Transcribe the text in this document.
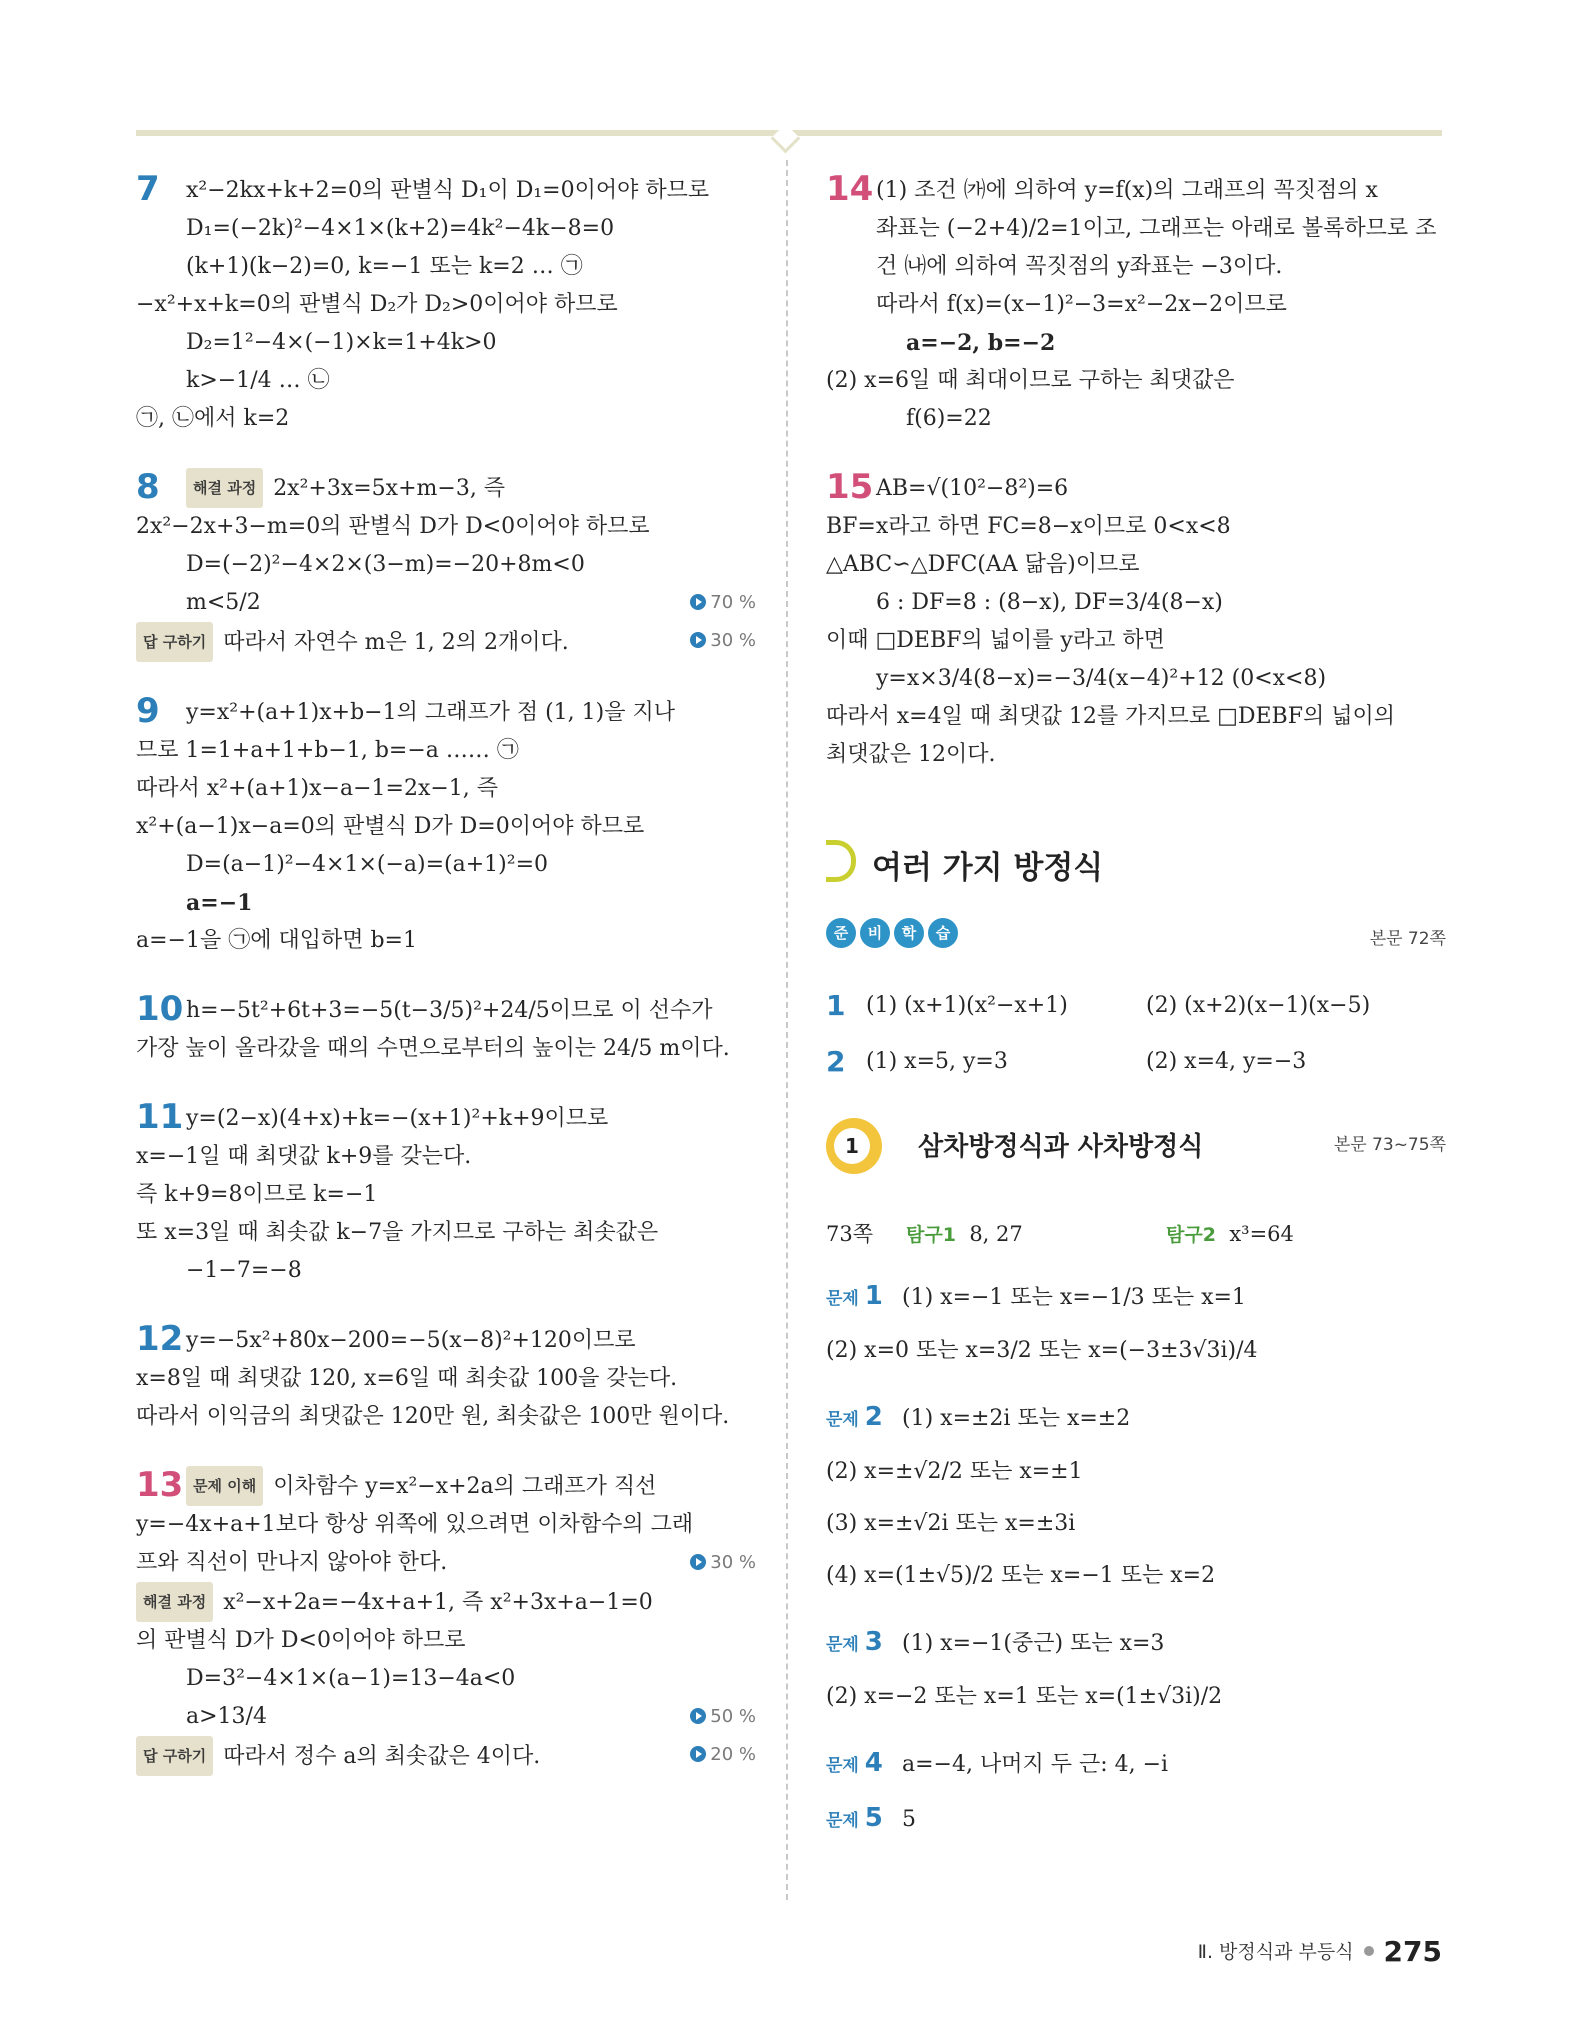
7 x²−2kx+k+2=0의 판별식 D₁이 D₁=0이어야 하므로
D₁=(−2k)²−4×1×(k+2)=4k²−4k−8=0
(k+1)(k−2)=0, k=−1 또는 k=2 … ㉠
−x²+x+k=0의 판별식 D₂가 D₂>0이어야 하므로
D₂=1²−4×(−1)×k=1+4k>0
k>−1/4 … ㉡
㉠, ㉡에서 k=2
8 해결 과정 2x²+3x=5x+m−3, 즉
2x²−2x+3−m=0의 판별식 D가 D<0이어야 하므로
D=(−2)²−4×2×(3−m)=−20+8m<0
m<5/2	70 %
답 구하기 따라서 자연수 m은 1, 2의 2개이다.	30 %
9 y=x²+(a+1)x+b−1의 그래프가 점 (1, 1)을 지나
므로 1=1+a+1+b−1, b=−a …… ㉠
따라서 x²+(a+1)x−a−1=2x−1, 즉
x²+(a−1)x−a=0의 판별식 D가 D=0이어야 하므로
D=(a−1)²−4×1×(−a)=(a+1)²=0
a=−1
a=−1을 ㉠에 대입하면 b=1
10 h=−5t²+6t+3=−5(t−3/5)²+24/5이므로 이 선수가
가장 높이 올라갔을 때의 수면으로부터의 높이는 24/5 m이다.
11 y=(2−x)(4+x)+k=−(x+1)²+k+9이므로
x=−1일 때 최댓값 k+9를 갖는다.
즉 k+9=8이므로 k=−1
또 x=3일 때 최솟값 k−7을 가지므로 구하는 최솟값은
−1−7=−8
12 y=−5x²+80x−200=−5(x−8)²+120이므로
x=8일 때 최댓값 120, x=6일 때 최솟값 100을 갖는다.
따라서 이익금의 최댓값은 120만 원, 최솟값은 100만 원이다.
13 문제 이해 이차함수 y=x²−x+2a의 그래프가 직선
y=−4x+a+1보다 항상 위쪽에 있으려면 이차함수의 그래
프와 직선이 만나지 않아야 한다.	30 %
해결 과정 x²−x+2a=−4x+a+1, 즉 x²+3x+a−1=0
의 판별식 D가 D<0이어야 하므로
D=3²−4×1×(a−1)=13−4a<0
a>13/4	50 %
답 구하기 따라서 정수 a의 최솟값은 4이다.	20 %
14 (1) 조건 ㈎에 의하여 y=f(x)의 그래프의 꼭짓점의 x
좌표는 (−2+4)/2=1이고, 그래프는 아래로 볼록하므로 조
건 ㈏에 의하여 꼭짓점의 y좌표는 −3이다.
따라서 f(x)=(x−1)²−3=x²−2x−2이므로
a=−2, b=−2
(2) x=6일 때 최대이므로 구하는 최댓값은
f(6)=22
15 AB=√(10²−8²)=6
BF=x라고 하면 FC=8−x이므로 0<x<8
△ABC∽△DFC(AA 닮음)이므로
6 : DF=8 : (8−x), DF=3/4(8−x)
이때 □DEBF의 넓이를 y라고 하면
y=x×3/4(8−x)=−3/4(x−4)²+12 (0<x<8)
따라서 x=4일 때 최댓값 12를 가지므로 □DEBF의 넓이의
최댓값은 12이다.
여러 가지 방정식
준 비 학 습	본문 72쪽
1 (1) (x+1)(x²−x+1)	(2) (x+2)(x−1)(x−5)
2 (1) x=5, y=3	(2) x=4, y=−3
1	삼차방정식과 사차방정식	본문 73~75쪽
73쪽 탐구1 8, 27	탐구2 x³=64
문제 1 (1) x=−1 또는 x=−1/3 또는 x=1
(2) x=0 또는 x=3/2 또는 x=(−3±3√3i)/4
문제 2 (1) x=±2i 또는 x=±2
(2) x=±√2/2 또는 x=±1
(3) x=±√2i 또는 x=±3i
(4) x=(1±√5)/2 또는 x=−1 또는 x=2
문제 3 (1) x=−1(중근) 또는 x=3
(2) x=−2 또는 x=1 또는 x=(1±√3i)/2
문제 4 a=−4, 나머지 두 근: 4, −i
문제 5 5
Ⅱ. 방정식과 부등식 275
